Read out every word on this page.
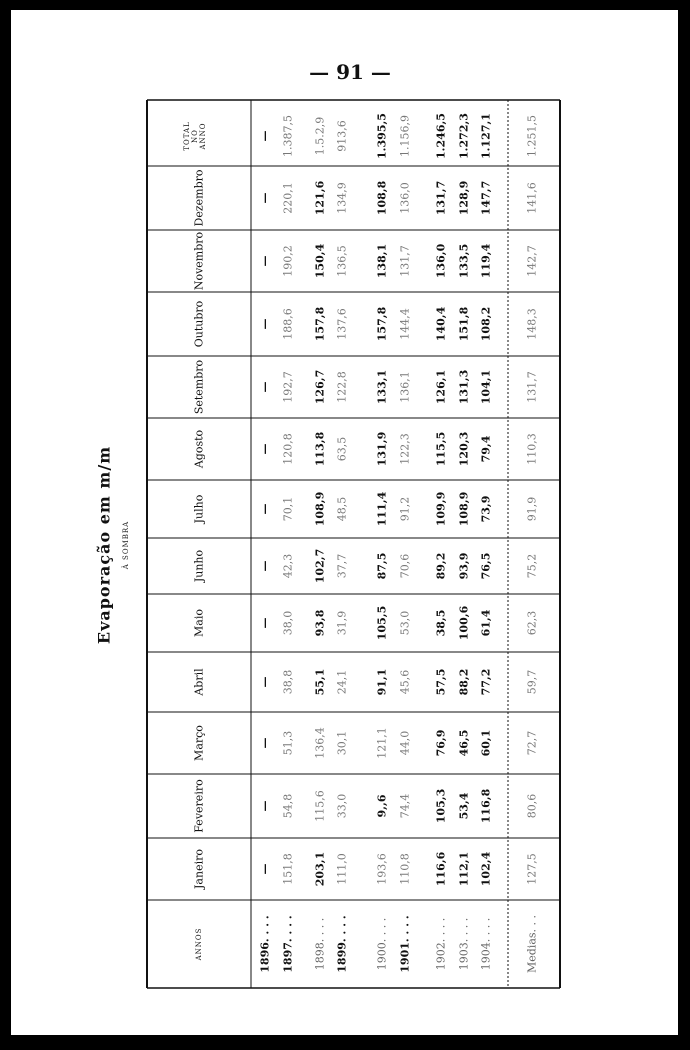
— 91 —
Evaporação em m/m À SOMBRA
ANNOS
Janeiro
Fevereiro
Março
Abril
Maio
Junho
Julho
Agosto
Setembro
Outubro
Novembro
Dezembro
TOTAL NO ANNO
1896. . . . 1897. . . . 1898. . . . 1899. . . . 1900. . . . 1901. . . . 1902. . . . 1903. . . . 1904. . . .	Medias. . .
—
—
—
—
—
—
—
—
—
—
—
—
—
151,8
54,8
51,3
38,8
38,0
42,3
70,1
120,8
192,7
188,6
190,2
220,1
1.387,5
203,1
115,6
136,4
55,1
93,8
102,7
108,9
113,8
126,7
157,8
150,4
121,6
1.5.2,9
111,0
33,0
30,1
24,1
31,9
37,7
48,5
63,5
122,8
137,6
136,5
134,9
913,6
193,6
9,,6
121,1
91,1
105,5
87,5
111,4
131,9
133,1
157,8
138,1
108,8
1.395,5
110,8
74,4
44,0
45,6
53,0
70,6
91,2
122,3
136,1
144,4
131,7
136,0
1.156,9
116,6
105,3
76,9
57,5
38,5
89,2
109,9
115,5
126,1
140,4
136,0
131,7
1.246,5
112,1
53,4
46,5
88,2
100,6
93,9
108,9
120,3
131,3
151,8
133,5
128,9
1.272,3
102,4
116,8
60,1
77,2
61,4
76,5
73,9
79,4
104,1
108,2
119,4
147,7
1.127,1
127,5
80,6
72,7
59,7
62,3
75,2
91,9
110,3
131,7
148,3
142,7
141,6
1.251,5
